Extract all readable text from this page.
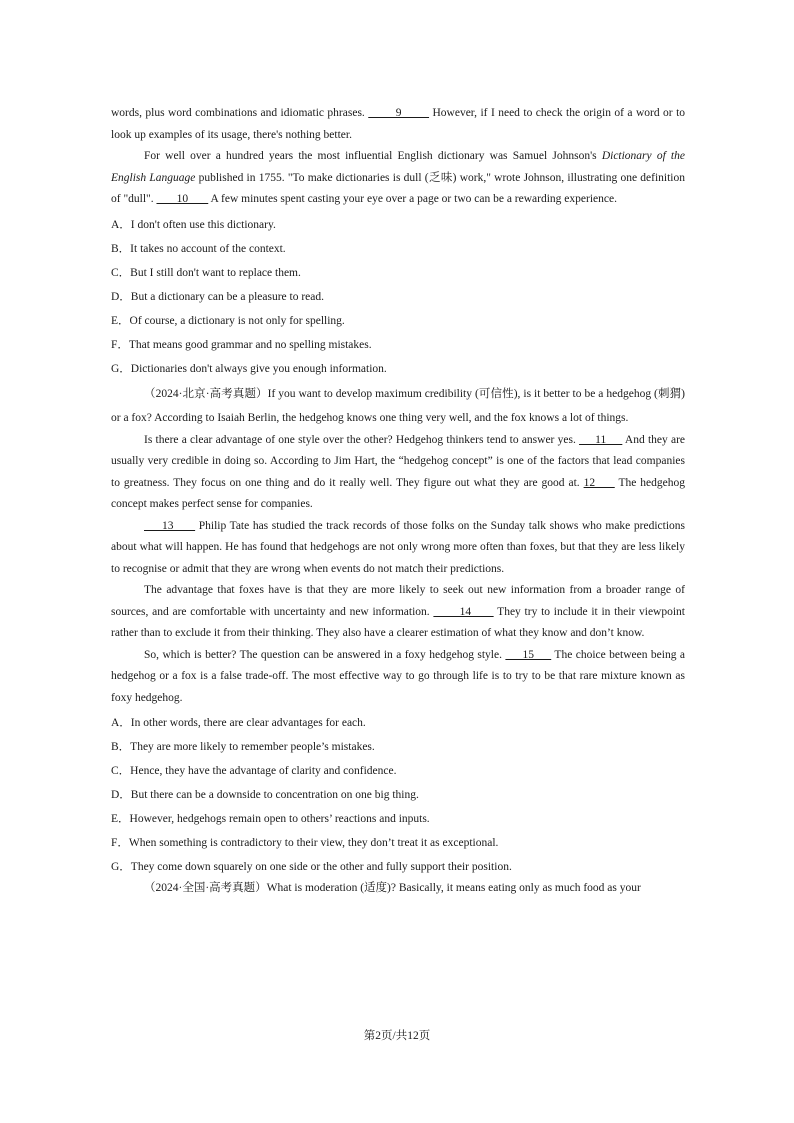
words, plus word combinations and idiomatic phrases.         9         However, if I need to check the origin of a word or to look up examples of its usage, there's nothing better.

For well over a hundred years the most influential English dictionary was Samuel Johnson's Dictionary of the English Language published in 1755. "To make dictionaries is dull (乏味) work," wrote Johnson, illustrating one definition of "dull".        10        A few minutes spent casting your eye over a page or two can be a rewarding experience.

A．I don't often use this dictionary.

B．It takes no account of the context.

C．But I still don't want to replace them.

D．But a dictionary can be a pleasure to read.

E．Of course, a dictionary is not only for spelling.

F．That means good grammar and no spelling mistakes.

G．Dictionaries don't always give you enough information.

（2024·北京·高考真题）If you want to develop maximum credibility (可信性), is it better to be a hedgehog (刺猬) or a fox? According to Isaiah Berlin, the hedgehog knows one thing very well, and the fox knows a lot of things.

Is there a clear advantage of one style over the other? Hedgehog thinkers tend to answer yes.      11      And they are usually very credible in doing so. According to Jim Hart, the “hedgehog concept” is one of the factors that lead companies to greatness. They focus on one thing and do it really well. They figure out what they are good at. 12      The hedgehog concept makes perfect sense for companies.

13       Philip Tate has studied the track records of those folks on the Sunday talk shows who make predictions about what will happen. He has found that hedgehogs are not only wrong more often than foxes, but that they are less likely to recognise or admit that they are wrong when events do not match their predictions.

The advantage that foxes have is that they are more likely to seek out new information from a broader range of sources, and are comfortable with uncertainty and new information.        14       They try to include it in their viewpoint rather than to exclude it from their thinking. They also have a clearer estimation of what they know and don’t know.

So, which is better? The question can be answered in a foxy hedgehog style.      15      The choice between being a hedgehog or a fox is a false trade-off. The most effective way to go through life is to try to be that rare mixture known as foxy hedgehog.

A．In other words, there are clear advantages for each.

B．They are more likely to remember people’s mistakes.

C．Hence, they have the advantage of clarity and confidence.

D．But there can be a downside to concentration on one big thing.

E．However, hedgehogs remain open to others’ reactions and inputs.

F．When something is contradictory to their view, they don’t treat it as exceptional.

G．They come down squarely on one side or the other and fully support their position.

（2024·全国·高考真题）What is moderation (适度)? Basically, it means eating only as much food as your

第2页/共12页
